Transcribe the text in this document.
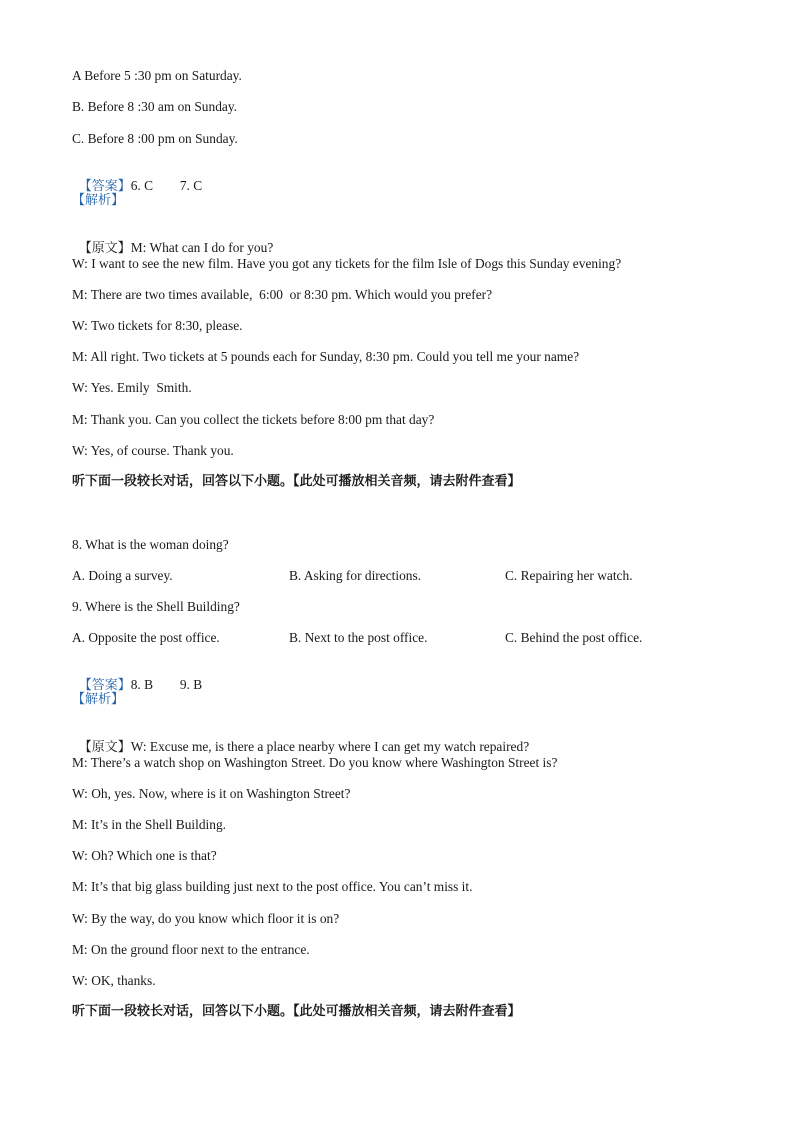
A Before 5 :30 pm on Saturday.
B. Before 8 :30 am on Sunday.
C. Before 8 :00 pm on Sunday.

【答案】6. C        7. C

【解析】

【原文】M: What can I do for you?

W: I want to see the new film. Have you got any tickets for the film Isle of Dogs this Sunday evening?
M: There are two times available,  6:00  or 8:30 pm. Which would you prefer?
W: Two tickets for 8:30, please.
M: All right. Two tickets at 5 pounds each for Sunday, 8:30 pm. Could you tell me your name?
W: Yes. Emily  Smith.
M: Thank you. Can you collect the tickets before 8:00 pm that day?
W: Yes, of course. Thank you.
听下面一段较长对话，回答以下小题。【此处可播放相关音频，请去附件查看】
8. What is the woman doing?
A. Doing a survey.	B. Asking for directions.	C. Repairing her watch.
9. Where is the Shell Building?
A. Opposite the post office.	B. Next to the post office.	C. Behind the post office.

【答案】8. B        9. B

【解析】

【原文】W: Excuse me, is there a place nearby where I can get my watch repaired?

M: There’s a watch shop on Washington Street. Do you know where Washington Street is?
W: Oh, yes. Now, where is it on Washington Street?
M: It’s in the Shell Building.
W: Oh? Which one is that?
M: It’s that big glass building just next to the post office. You can’t miss it.
W: By the way, do you know which floor it is on?
M: On the ground floor next to the entrance.
W: OK, thanks.
听下面一段较长对话，回答以下小题。【此处可播放相关音频，请去附件查看】
